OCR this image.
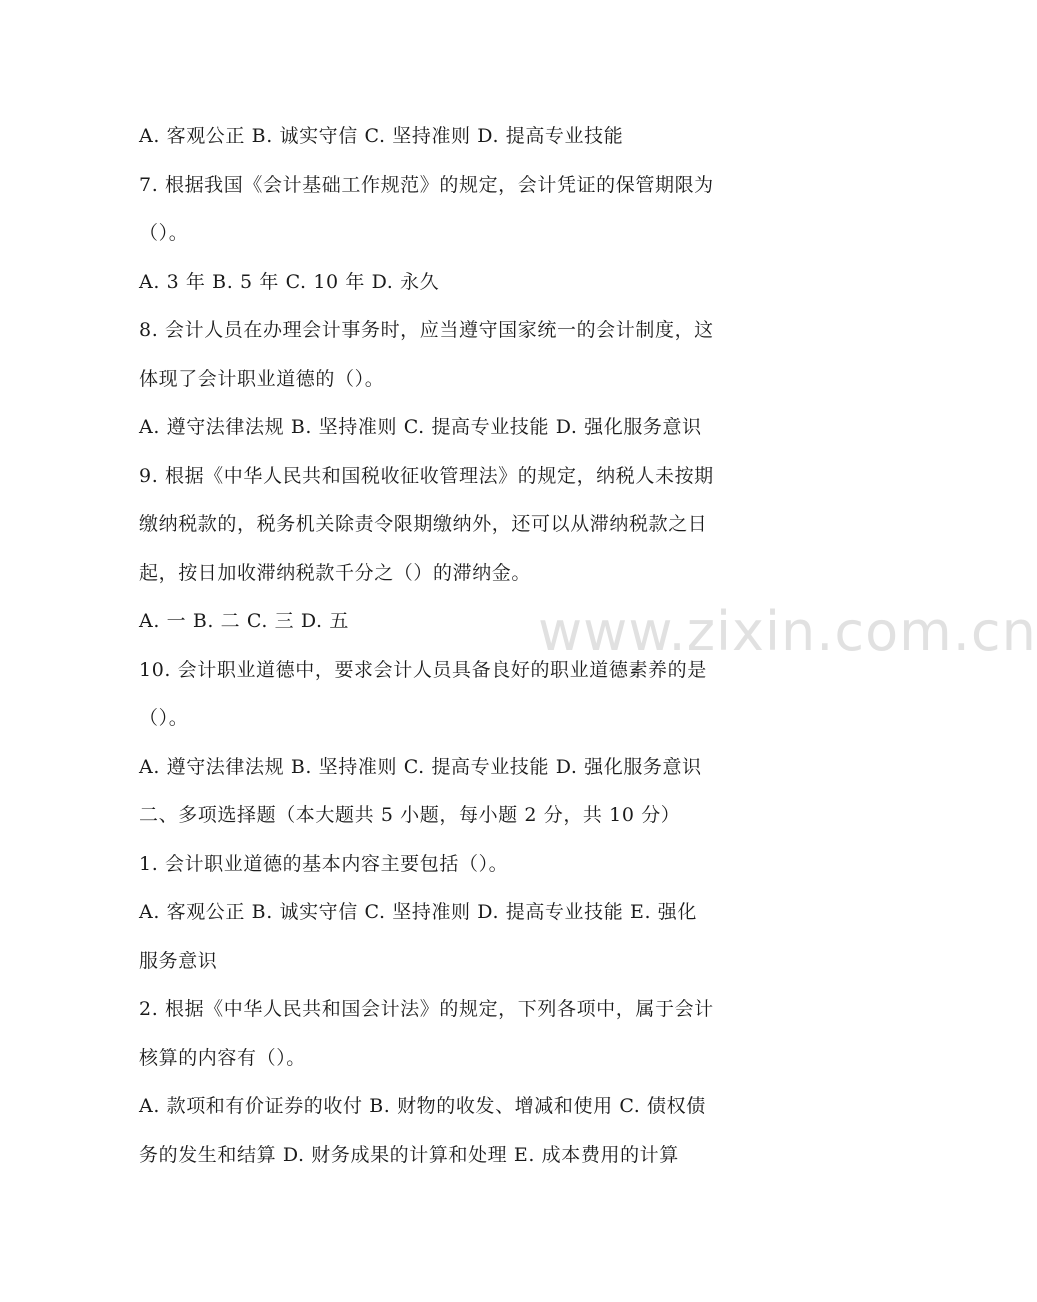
A. 客观公正 B. 诚实守信 C. 坚持准则 D. 提高专业技能
7. 根据我国《会计基础工作规范》的规定，会计凭证的保管期限为
（）。
A. 3 年 B. 5 年 C. 10 年 D. 永久
8. 会计人员在办理会计事务时，应当遵守国家统一的会计制度，这
体现了会计职业道德的（）。
A. 遵守法律法规 B. 坚持准则 C. 提高专业技能 D. 强化服务意识
9. 根据《中华人民共和国税收征收管理法》的规定，纳税人未按期
缴纳税款的，税务机关除责令限期缴纳外，还可以从滞纳税款之日
起，按日加收滞纳税款千分之（）的滞纳金。
A. 一 B. 二 C. 三 D. 五
10. 会计职业道德中，要求会计人员具备良好的职业道德素养的是
（）。
A. 遵守法律法规 B. 坚持准则 C. 提高专业技能 D. 强化服务意识
二、多项选择题（本大题共 5 小题，每小题 2 分，共 10 分）
1. 会计职业道德的基本内容主要包括（）。
A. 客观公正 B. 诚实守信 C. 坚持准则 D. 提高专业技能 E. 强化
服务意识
2. 根据《中华人民共和国会计法》的规定，下列各项中，属于会计
核算的内容有（）。
A. 款项和有价证券的收付 B. 财物的收发、增减和使用 C. 债权债
务的发生和结算 D. 财务成果的计算和处理 E. 成本费用的计算
www.zixin.com.cn
